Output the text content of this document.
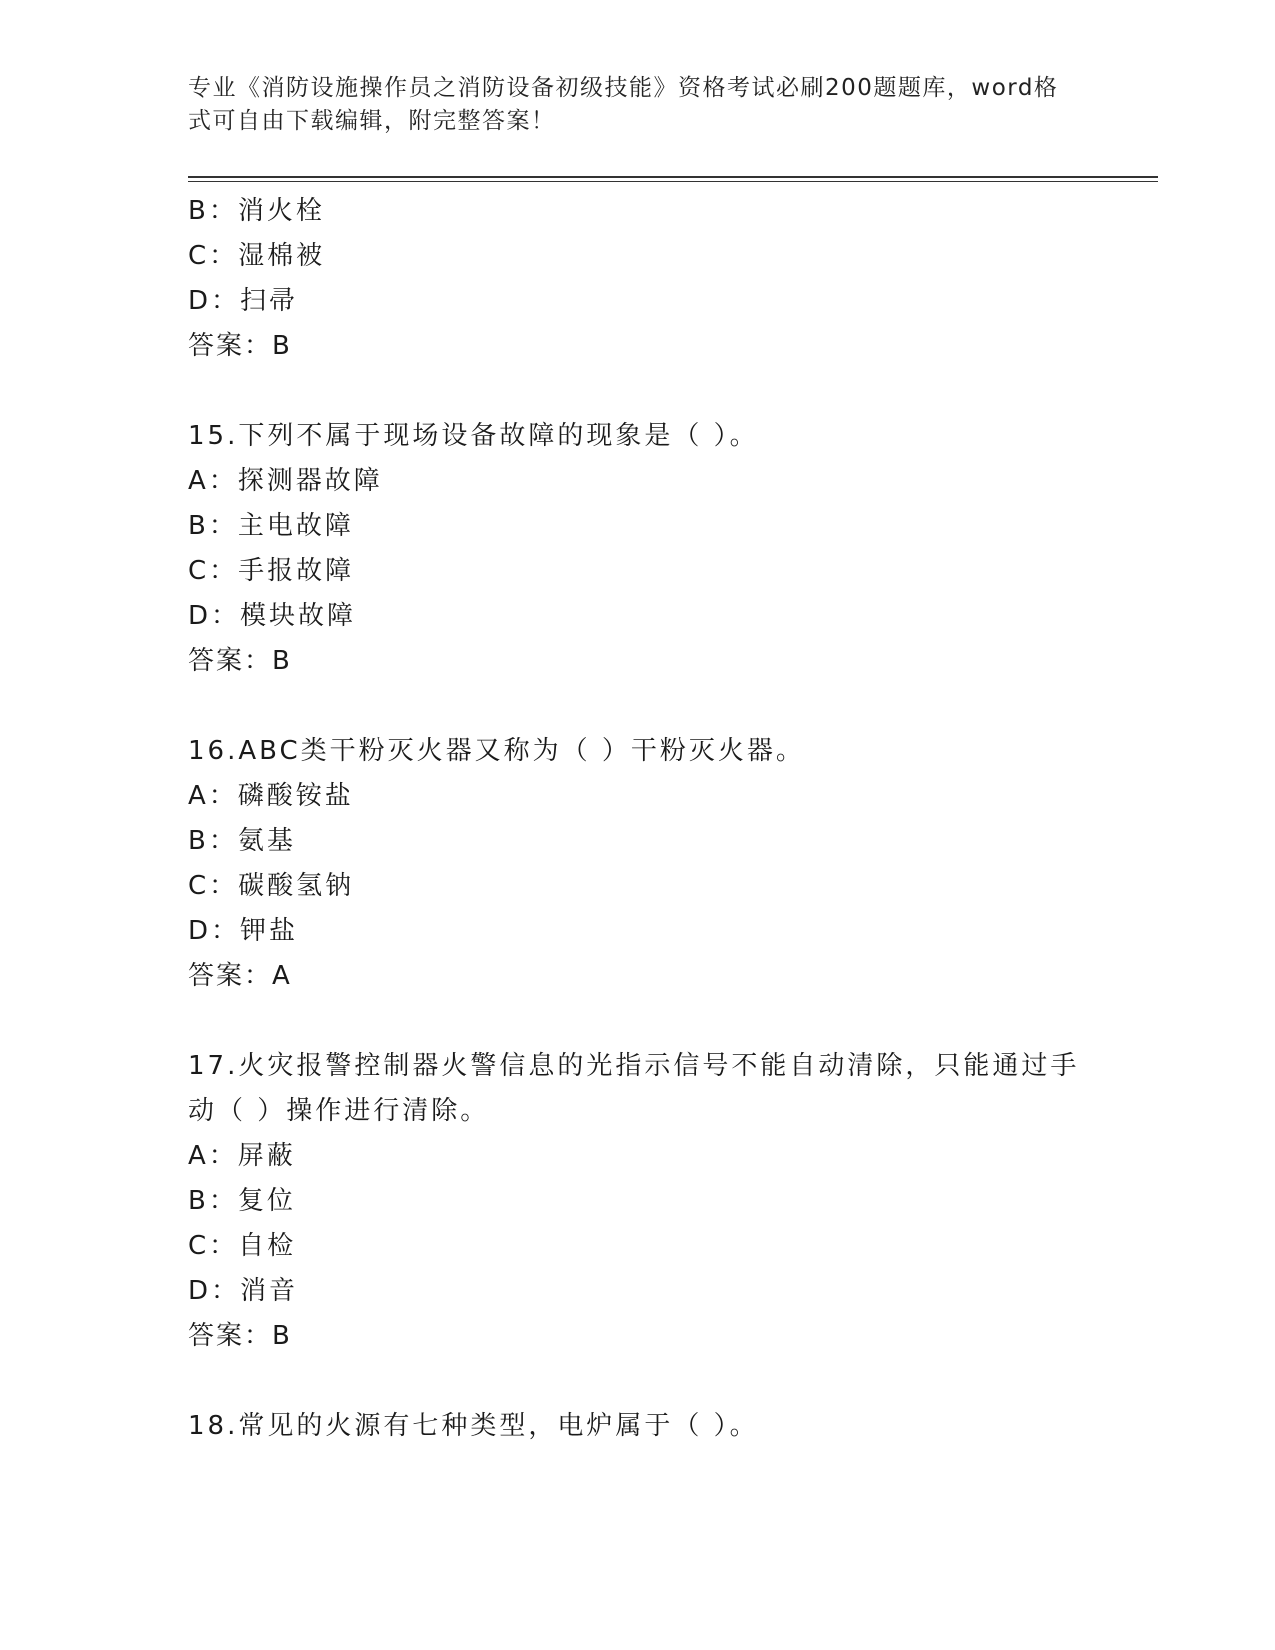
专业《消防设施操作员之消防设备初级技能》资格考试必刷200题题库，word格
式可自由下载编辑，附完整答案！
B：消火栓
C：湿棉被
D：扫帚
答案：B
15.下列不属于现场设备故障的现象是（ ）。
A：探测器故障
B：主电故障
C：手报故障
D：模块故障
答案：B
16.ABC类干粉灭火器又称为（ ）干粉灭火器。
A：磷酸铵盐
B：氨基
C：碳酸氢钠
D：钾盐
答案：A
17.火灾报警控制器火警信息的光指示信号不能自动清除，只能通过手
动（ ）操作进行清除。
A：屏蔽
B：复位
C：自检
D：消音
答案：B
18.常见的火源有七种类型，电炉属于（ ）。
